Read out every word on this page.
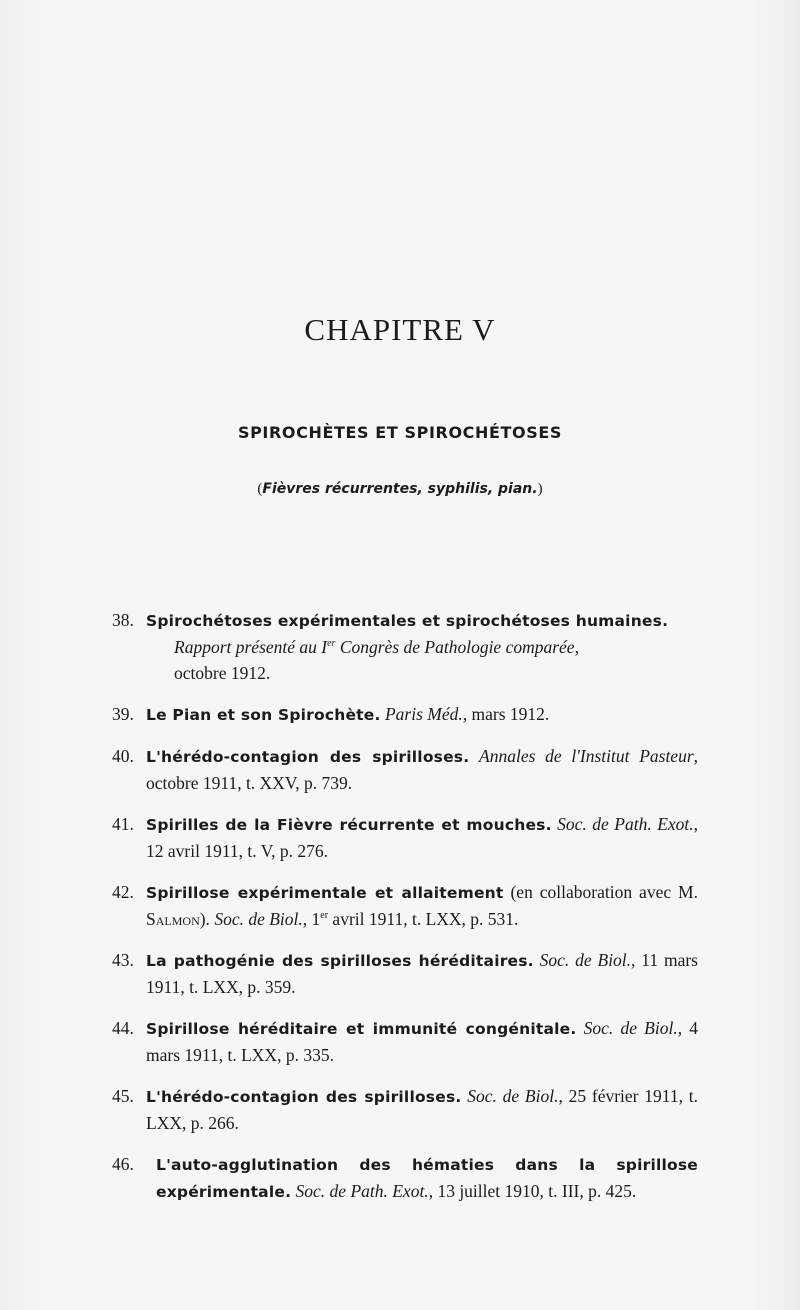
CHAPITRE V
SPIROCHÈTES ET SPIROCHÉTOSES
(Fièvres récurrentes, syphilis, pian.)
38. Spirochétoses expérimentales et spirochétoses humaines.
Rapport présenté au Ier Congrès de Pathologie comparée,
octobre 1912.
39. Le Pian et son Spirochète. Paris Méd., mars 1912.
40. L'hérédo-contagion des spirilloses. Annales de l'Institut Pasteur, octobre 1911, t. XXV, p. 739.
41. Spirilles de la Fièvre récurrente et mouches. Soc. de Path. Exot., 12 avril 1911, t. V, p. 276.
42. Spirillose expérimentale et allaitement (en collaboration avec M. Salmon). Soc. de Biol., 1er avril 1911, t. LXX, p. 531.
43. La pathogénie des spirilloses héréditaires. Soc. de Biol., 11 mars 1911, t. LXX, p. 359.
44. Spirillose héréditaire et immunité congénitale. Soc. de Biol., 4 mars 1911, t. LXX, p. 335.
45. L'hérédo-contagion des spirilloses. Soc. de Biol., 25 février 1911, t. LXX, p. 266.
46.	L'auto-agglutination des hématies dans la spirillose expérimentale. Soc. de Path. Exot., 13 juillet 1910, t. III, p. 425.
